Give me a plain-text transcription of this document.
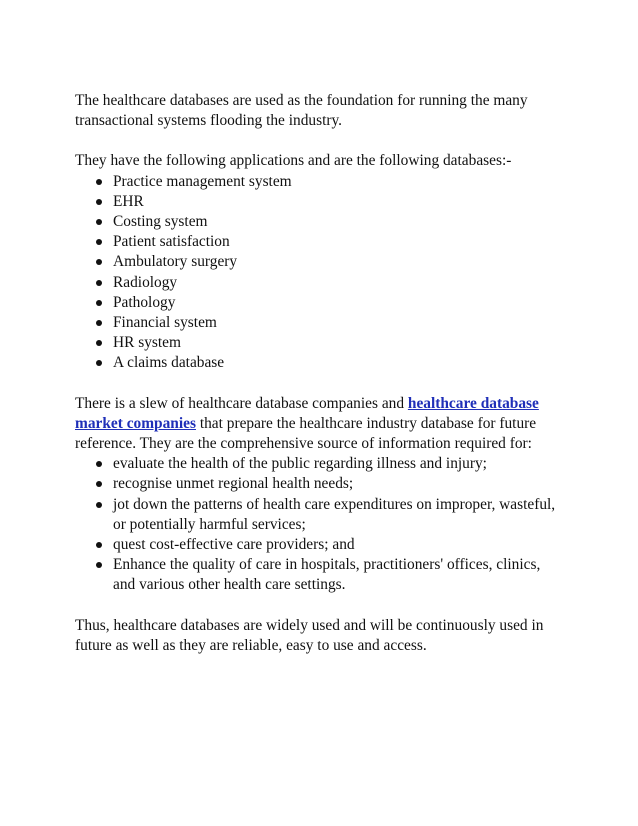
The healthcare databases are used as the foundation for running the many transactional systems flooding the industry.

They have the following applications and are the following databases:-

Practice management system
EHR
Costing system
Patient satisfaction
Ambulatory surgery
Radiology
Pathology
Financial system
HR system
A claims database

There is a slew of healthcare database companies and healthcare database market companies that prepare the healthcare industry database for future reference. They are the comprehensive source of information required for:

evaluate the health of the public regarding illness and injury;
recognise unmet regional health needs;
jot down the patterns of health care expenditures on improper, wasteful, or potentially harmful services;
quest cost-effective care providers; and
Enhance the quality of care in hospitals, practitioners' offices, clinics, and various other health care settings.

Thus, healthcare databases are widely used and will be continuously used in future as well as they are reliable, easy to use and access.
